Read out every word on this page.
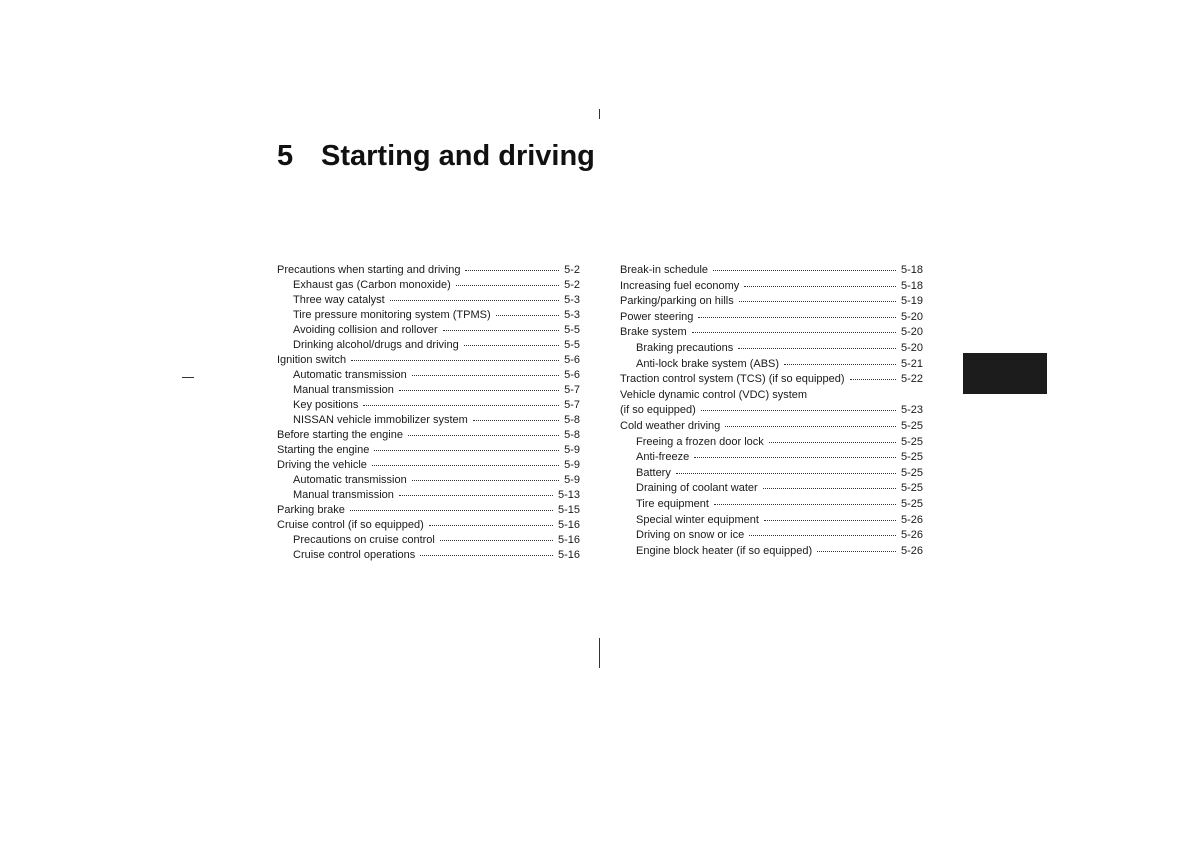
5 Starting and driving
Precautions when starting and driving	5-2
Exhaust gas (Carbon monoxide)	5-2
Three way catalyst	5-3
Tire pressure monitoring system (TPMS)	5-3
Avoiding collision and rollover	5-5
Drinking alcohol/drugs and driving	5-5
Ignition switch	5-6
Automatic transmission	5-6
Manual transmission	5-7
Key positions	5-7
NISSAN vehicle immobilizer system	5-8
Before starting the engine	5-8
Starting the engine	5-9
Driving the vehicle	5-9
Automatic transmission	5-9
Manual transmission	5-13
Parking brake	5-15
Cruise control (if so equipped)	5-16
Precautions on cruise control	5-16
Cruise control operations	5-16
Break-in schedule	5-18
Increasing fuel economy	5-18
Parking/parking on hills	5-19
Power steering	5-20
Brake system	5-20
Braking precautions	5-20
Anti-lock brake system (ABS)	5-21
Traction control system (TCS) (if so equipped)	5-22
Vehicle dynamic control (VDC) system
(if so equipped)	5-23
Cold weather driving	5-25
Freeing a frozen door lock	5-25
Anti-freeze	5-25
Battery	5-25
Draining of coolant water	5-25
Tire equipment	5-25
Special winter equipment	5-26
Driving on snow or ice	5-26
Engine block heater (if so equipped)	5-26
